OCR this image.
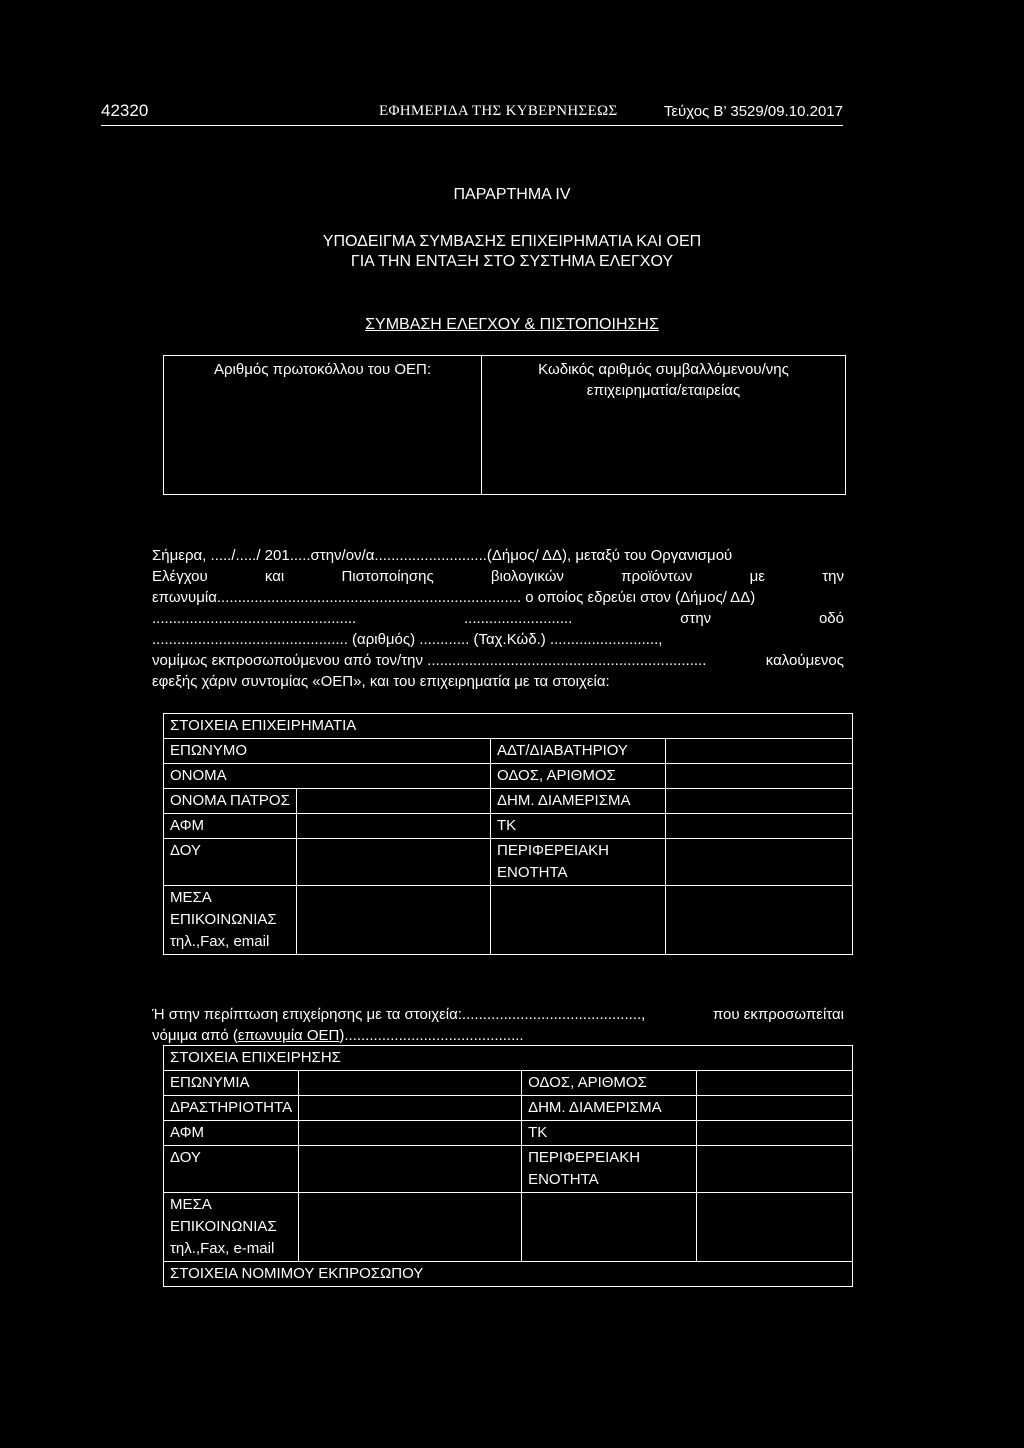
42320	ΕΦΗΜΕΡΙΔΑ ΤΗΣ ΚΥΒΕΡΝΗΣΕΩΣ	Τεύχος Β’ 3529/09.10.2017
ΠΑΡΑΡΤΗΜΑ IV
ΥΠΟΔΕΙΓΜΑ ΣΥΜΒΑΣΗΣ ΕΠΙΧΕΙΡΗΜΑΤΙΑ ΚΑΙ ΟΕΠ
ΓΙΑ ΤΗΝ ΕΝΤΑΞΗ ΣΤΟ ΣΥΣΤΗΜΑ ΕΛΕΓΧΟΥ
ΣΥΜΒΑΣΗ ΕΛΕΓΧΟΥ & ΠΙΣΤΟΠΟΙΗΣΗΣ
Αριθμός πρωτοκόλλου του ΟΕΠ:	Κωδικός αριθμός συμβαλλόμενου/νης
επιχειρηματία/εταιρείας
Σήμερα, ...../...../ 201.....στην/ον/α...........................(Δήμος/ ΔΔ), μεταξύ του Οργανισμού
Ελέγχου	και	Πιστοποίησης	βιολογικών	προϊόντων	με	την
επωνυμία......................................................................... ο οποίος εδρεύει στον (Δήμος/ ΔΔ)
.................................................	..........................	στην	οδό
............................................... (αριθμός) ............ (Ταχ.Κώδ.) ..........................,
νομίμως εκπροσωπούμενου από τον/την ...................................................................	καλούμενος
εφεξής χάριν συντομίας «ΟΕΠ», και του επιχειρηματία με τα στοιχεία:
ΣΤΟΙΧΕΙΑ ΕΠΙΧΕΙΡΗΜΑΤΙΑ			
ΕΠΩΝΥΜΟ		ΑΔΤ/ΔΙΑΒΑΤΗΡΙΟΥ	
ΟΝΟΜΑ		ΟΔΟΣ, ΑΡΙΘΜΟΣ	
ΟΝΟΜΑ ΠΑΤΡΟΣ		ΔΗΜ. ΔΙΑΜΕΡΙΣΜΑ	
ΑΦΜ		ΤΚ	
ΔΟΥ		ΠΕΡΙΦΕΡΕΙΑΚΗ ΕΝΟΤΗΤΑ	
ΜΕΣΑ ΕΠΙΚΟΙΝΩΝΙΑΣ τηλ.,Fax, email			
Ή στην περίπτωση επιχείρησης με τα στοιχεία:...........................................,	που εκπροσωπείται
νόμιμα από ( επωνυμία ΟΕΠ )...........................................
ΣΤΟΙΧΕΙΑ ΕΠΙΧΕΙΡΗΣΗΣ			
ΕΠΩΝΥΜΙΑ		ΟΔΟΣ, ΑΡΙΘΜΟΣ	
ΔΡΑΣΤΗΡΙΟΤΗΤΑ		ΔΗΜ. ΔΙΑΜΕΡΙΣΜΑ	
ΑΦΜ		ΤΚ	
ΔΟΥ		ΠΕΡΙΦΕΡΕΙΑΚΗ ΕΝΟΤΗΤΑ	
ΜΕΣΑ ΕΠΙΚΟΙΝΩΝΙΑΣ τηλ.,Fax, e-mail			
ΣΤΟΙΧΕΙΑ ΝΟΜΙΜΟΥ ΕΚΠΡΟΣΩΠΟΥ			
